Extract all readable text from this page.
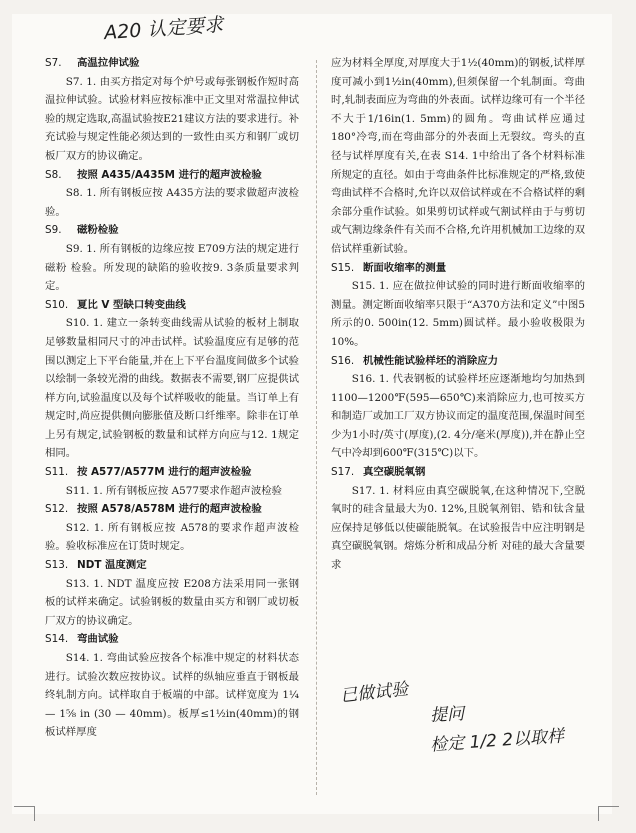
A20 认定要求
S7. 高温拉伸试验
S7. 1. 由买方指定对每个炉号或每张钢板作短时高温拉伸试验。试验材料应按标准中正文里对常温拉伸试验的规定选取,高温试验按E21建议方法的要求进行。补充试验与规定性能必须达到的一致性由买方和钢厂或切板厂双方的协议确定。
S8. 按照 A435/A435M 进行的超声波检验
S8. 1. 所有钢板应按 A435方法的要求做超声波检验。
S9. 磁粉检验
S9. 1. 所有钢板的边缘应按 E709方法的规定进行磁粉 检验。所发现的缺陷的验收按9. 3条质量要求判定。
S10. 夏比 V 型缺口转变曲线
S10. 1. 建立一条转变曲线需从试验的板材上制取足够数量相同尺寸的冲击试样。试验温度应有足够的范围以测定上下平台能量,并在上下平台温度间做多个试验以绘制一条较光滑的曲线。数据表不需要,钢厂应提供试样方向,试验温度以及每个试样吸收的能量。当订单上有规定时,尚应提供侧向膨胀值及断口纤维率。除非在订单上另有规定,试验钢板的数量和试样方向应与12. 1规定相同。
S11. 按 A577/A577M 进行的超声波检验
S11. 1. 所有钢板应按 A577要求作超声波检验
S12. 按照 A578/A578M 进行的超声波检验
S12. 1. 所有钢板应按 A578的要求作超声波检验。验收标准应在订货时规定。
S13. NDT 温度测定
S13. 1. NDT 温度应按 E208方法采用同一张钢板的试样来确定。试验钢板的数量由买方和钢厂或切板厂双方的协议确定。
S14. 弯曲试验
S14. 1. 弯曲试验应按各个标准中规定的材料状态进行。试验次数应按协议。试样的纵轴应垂直于钢板最终轧制方向。试样取自于板端的中部。试样宽度为 1¼ — 1⅝ in (30 — 40mm)。板厚≤1½in(40mm)的钢板试样厚度
应为材料全厚度,对厚度大于1½(40mm)的钢板,试样厚度可减小到1½in(40mm),但须保留一个轧制面。弯曲时,轧制表面应为弯曲的外表面。试样边缘可有一个半径不大于1/16in(1. 5mm)的圆角。弯曲试样应通过 180°冷弯,而在弯曲部分的外表面上无裂纹。弯头的直径与试样厚度有关,在表 S14. 1中给出了各个材料标准所规定的直径。如由于弯曲条件比标准规定的严格,致使弯曲试样不合格时,允许以双倍试样或在不合格试样的剩余部分重作试验。如果剪切试样或气割试样由于与剪切或气割边缘条件有关而不合格,允许用机械加工边缘的双倍试样重新试验。
S15. 断面收缩率的测量
S15. 1. 应在做拉伸试验的同时进行断面收缩率的测量。测定断面收缩率只限于“A370方法和定义”中图5所示的0. 500in(12. 5mm)圆试样。最小验收极限为10%。
S16. 机械性能试验样坯的消除应力
S16. 1. 代表钢板的试验样坯应逐渐地均匀加热到1100—1200℉(595—650℃)来消除应力,也可按买方和制造厂或加工厂双方协议而定的温度范围,保温时间至少为1小时/英寸(厚度),(2. 4分/毫米(厚度)),并在静止空气中冷却到600℉(315℃)以下。
S17. 真空碳脱氧钢
S17. 1. 材料应由真空碳脱氧,在这种情况下,空脱氧时的硅含量最大为0. 12%,且脱氧剂铝、锆和钛含量应保持足够低以使碳能脱氧。在试验报告中应注明钢是真空碳脱氧钢。熔炼分析和成品分析 对硅的最大含量要求
已做试验
提问
检定 1/2 2以取样
